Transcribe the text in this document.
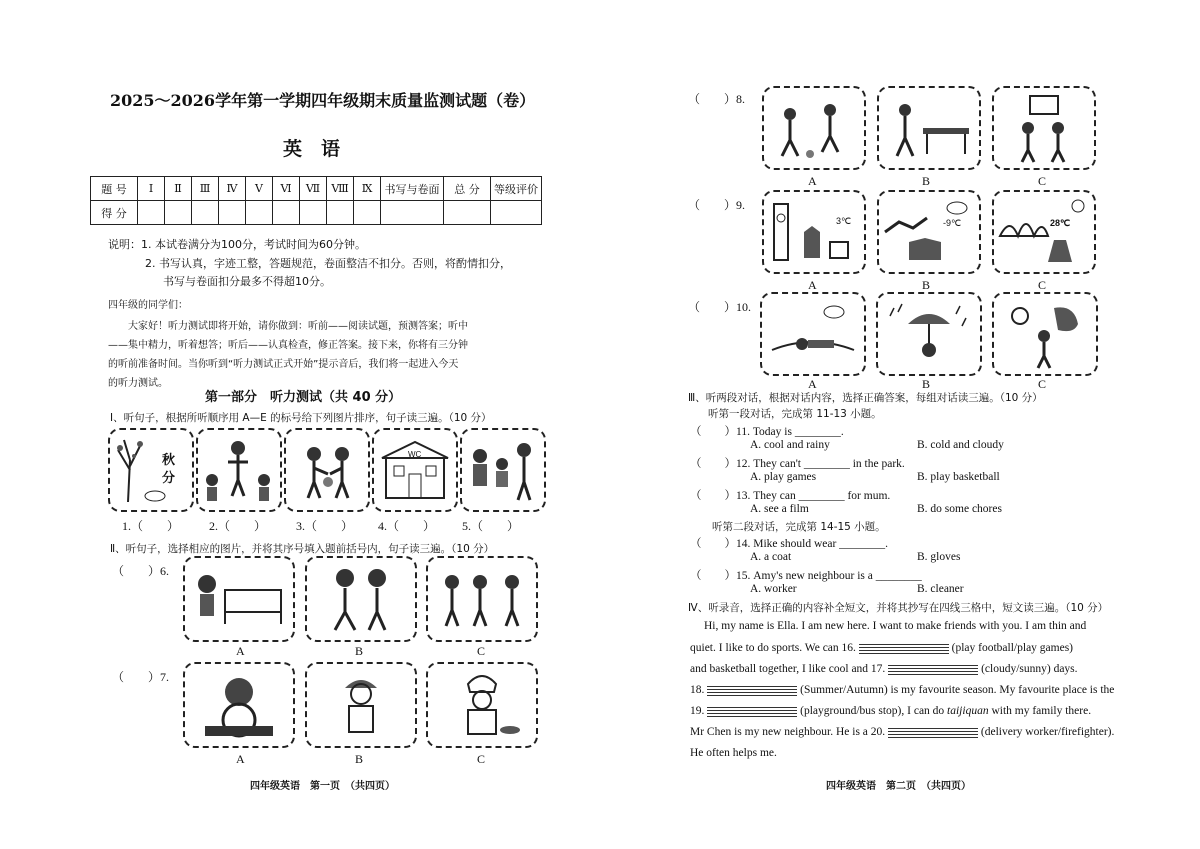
2025～2026学年第一学期四年级期末质量监测试题（卷）
英　语
题 号	Ⅰ	Ⅱ	Ⅲ	Ⅳ	Ⅴ	Ⅵ	Ⅶ	Ⅷ	Ⅸ	书写与卷面	总 分	等级评价
得 分												
说明：1. 本试卷满分为100分，考试时间为60分钟。
2. 书写认真，字迹工整，答题规范，卷面整洁不扣分。否则，将酌情扣分，
书写与卷面扣分最多不得超10分。
四年级的同学们：
大家好！听力测试即将开始，请你做到：听前——阅读试题，预测答案；听中
——集中精力，听着想答；听后——认真检查，修正答案。接下来，你将有三分钟
的听前准备时间。当你听到“听力测试正式开始”提示音后，我们将一起进入今天
的听力测试。
第一部分　听力测试（共 40 分）
Ⅰ、听句子，根据所听顺序用 A—E 的标号给下列图片排序，句子读三遍。（10 分）
秋分
WC
1.（　　） 2.（　　） 3.（　　） 4.（　　） 5.（　　）
Ⅱ、听句子，选择相应的图片，并将其序号填入题前括号内，句子读三遍。（10 分）
（　　）6.
A	B	C
（　　）7.
A	B	C
四年级英语　第一页　（共四页）
（　　）8.
A	B	C
（　　）9.
3℃	-9℃	28℃
A	B	C
（　　）10.
A	B	C
Ⅲ、听两段对话，根据对话内容，选择正确答案，每组对话读三遍。（10 分）
听第一段对话，完成第 11-13 小题。
（　　）11. Today is ________.
A. cool and rainy	B. cold and cloudy
（　　）12. They can't ________ in the park.
A. play games	B. play basketball
（　　）13. They can ________ for mum.
A. see a film	B. do some chores
听第二段对话，完成第 14-15 小题。
（　　）14. Mike should wear ________.
A. a coat	B. gloves
（　　）15. Amy's new neighbour is a ________
A. worker	B. cleaner
Ⅳ、听录音，选择正确的内容补全短文，并将其抄写在四线三格中，短文读三遍。（10 分）
Hi, my name is Ella. I am new here. I want to make friends with you. I am thin and
quiet. I like to do sports. We can 16.	(play football/play games)
and basketball together, I like cool and 17.	(cloudy/sunny) days.
18.	(Summer/Autumn) is my favourite season. My favourite place is the
19.	(playground/bus stop), I can do taijiquan with my family there.
Mr Chen is my new neighbour. He is a 20.	(delivery worker/firefighter).
He often helps me.
四年级英语　第二页　（共四页）
